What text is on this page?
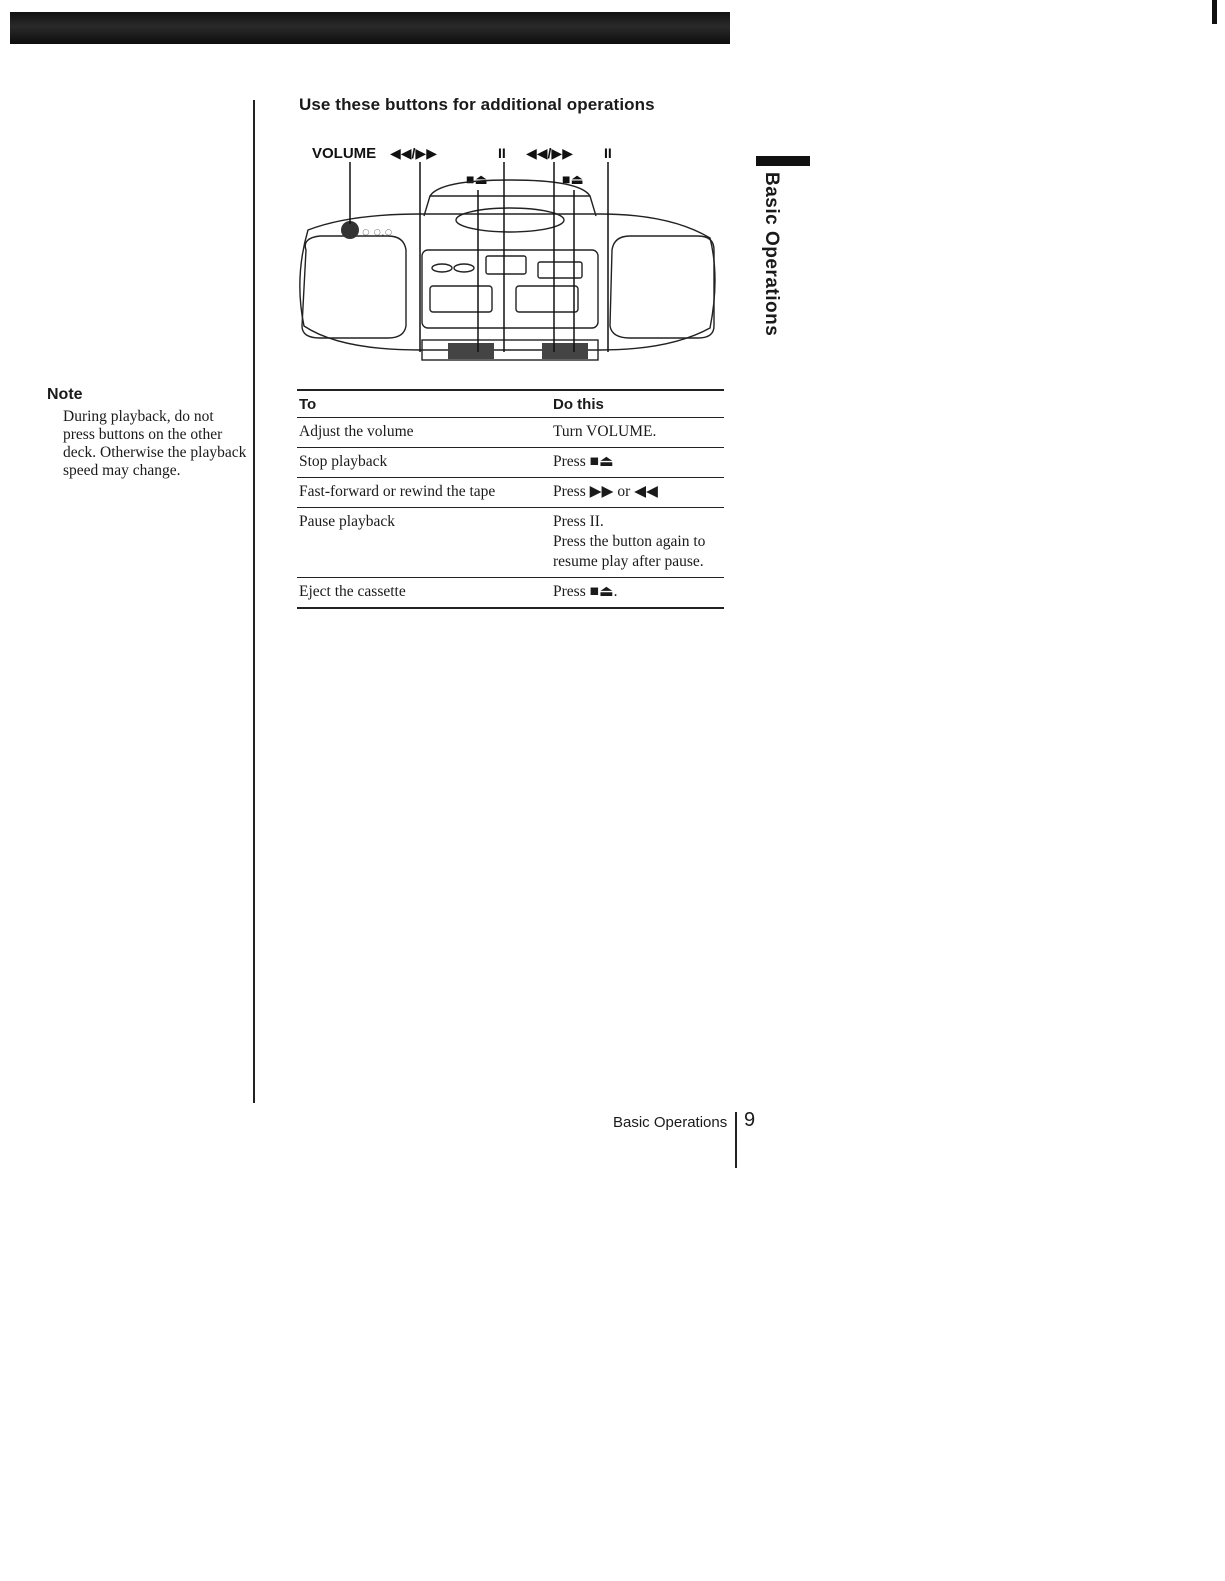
Use these buttons for additional operations
Note

During playback, do not press buttons on the other deck. Otherwise the playback speed may change.

VOLUME ◀◀/▶▶	II ◀◀/▶▶ II
■⏏	■⏏
◌ ◌.◌
To	Do this
Adjust the volume	Turn VOLUME.

Stop playback	Press ■⏏

Fast-forward or rewind the tape	Press ▶▶ or ◀◀

Pause playback	Press II.
Press the button again to resume play after pause.

Eject the cassette	Press ■⏏.
Basic Operations
Basic Operations 9
